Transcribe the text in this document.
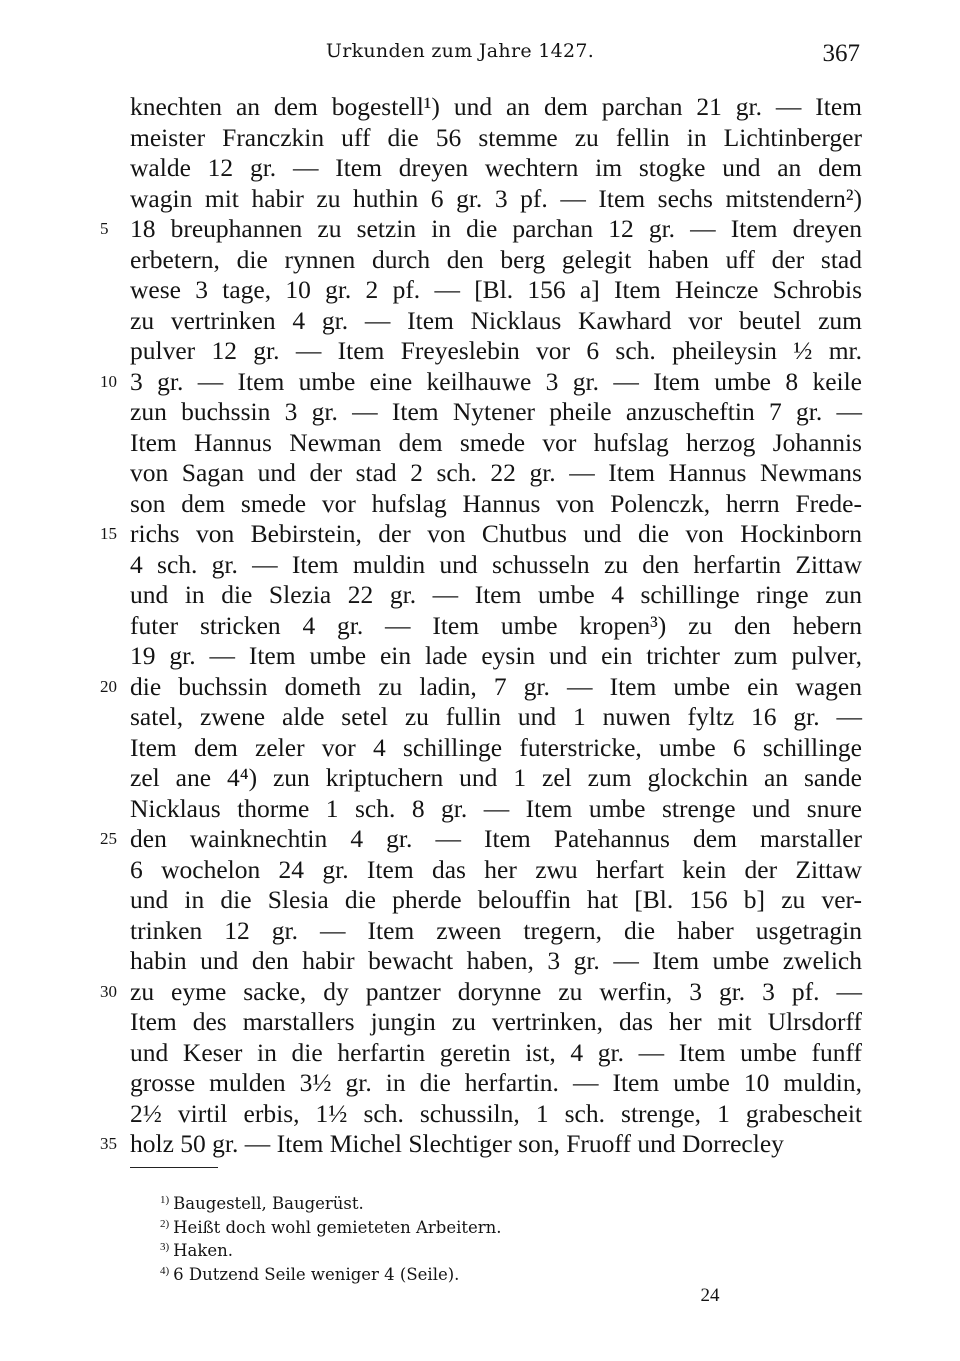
Urkunden zum Jahre 1427.	367
knechten an dem bogestell¹) und an dem parchan 21 gr. — Item
meister Franczkin uff die 56 stemme zu fellin in Lichtinberger
walde 12 gr. — Item dreyen wechtern im stogke und an dem
wagin mit habir zu huthin 6 gr. 3 pf. — Item sechs mitstendern²)
5 18 breuphannen zu setzin in die parchan 12 gr. — Item dreyen
erbetern, die rynnen durch den berg gelegit haben uff der stad
wese 3 tage, 10 gr. 2 pf. — [Bl. 156 a] Item Heincze Schrobis
zu vertrinken 4 gr. — Item Nicklaus Kawhard vor beutel zum
pulver 12 gr. — Item Freyeslebin vor 6 sch. pheileysin ½ mr.
10 3 gr. — Item umbe eine keilhauwe 3 gr. — Item umbe 8 keile
zun buchssin 3 gr. — Item Nytener pheile anzuscheftin 7 gr. —
Item Hannus Newman dem smede vor hufslag herzog Johannis
von Sagan und der stad 2 sch. 22 gr. — Item Hannus Newmans
son dem smede vor hufslag Hannus von Polenczk, herrn Frede-
15 richs von Bebirstein, der von Chutbus und die von Hockinborn
4 sch. gr. — Item muldin und schusseln zu den herfartin Zittaw
und in die Slezia 22 gr. — Item umbe 4 schillinge ringe zun
futer stricken 4 gr. — Item umbe kropen³) zu den hebern
19 gr. — Item umbe ein lade eysin und ein trichter zum pulver,
20 die buchssin dometh zu ladin, 7 gr. — Item umbe ein wagen
satel, zwene alde setel zu fullin und 1 nuwen fyltz 16 gr. —
Item dem zeler vor 4 schillinge futerstricke, umbe 6 schillinge
zel ane 4⁴) zun kriptuchern und 1 zel zum glockchin an sande
Nicklaus thorme 1 sch. 8 gr. — Item umbe strenge und snure
25 den wainknechtin 4 gr. — Item Patehannus dem marstaller
6 wochelon 24 gr. Item das her zwu herfart kein der Zittaw
und in die Slesia die pherde belouffin hat [Bl. 156 b] zu ver-
trinken 12 gr. — Item zween tregern, die haber usgetragin
habin und den habir bewacht haben, 3 gr. — Item umbe zwelich
30 zu eyme sacke, dy pantzer dorynne zu werfin, 3 gr. 3 pf. —
Item des marstallers jungin zu vertrinken, das her mit Ulrsdorff
und Keser in die herfartin geretin ist, 4 gr. — Item umbe funff
grosse mulden 3½ gr. in die herfartin. — Item umbe 10 muldin,
2½ virtil erbis, 1½ sch. schussiln, 1 sch. strenge, 1 grabescheit
35 holz 50 gr. — Item Michel Slechtiger son, Fruoff und Dorrecley
$^{1)}$ Baugestell, Baugerüst.
$^{2)}$ Heißt doch wohl gemieteten Arbeitern.
$^{3)}$ Haken.
$^{4)}$ 6 Dutzend Seile weniger 4 (Seile).
24
